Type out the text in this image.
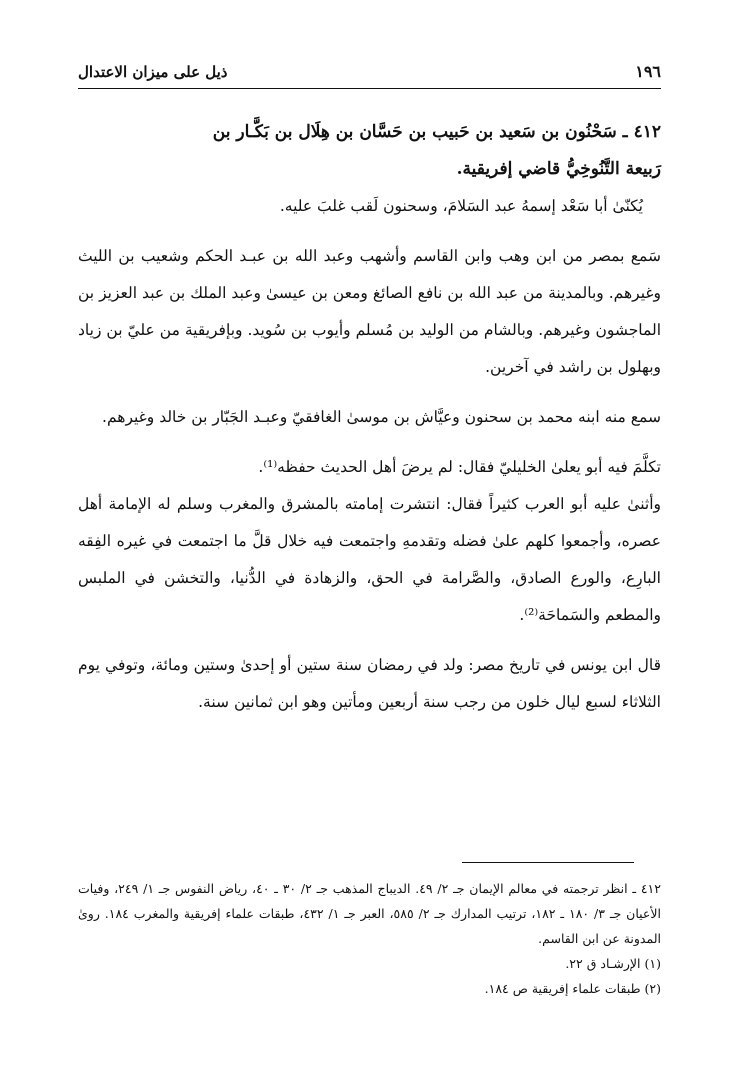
١٩٦
ذيل على ميزان الاعتدال

٤١٢ ـ سَحْنُون بن سَعيد بن حَبيب بن حَسَّان بن هِلَال بن بَكَّـار بن

رَبيعة التَّنُوخِيُّ قاضي إفريقية.

يُكنّىٰ أبا سَعْد إسمهُ عبد السَلامَ، وسحنون لَقب غلبَ عليه.

سَمع بمصر من ابن وهب وابن القاسم وأشهب وعبد الله بن عبـد الحكم وشعيب بن الليث وغيرهم. وبالمدينة من عبد الله بن نافع الصائغ ومعن بن عيسىٰ وعبد الملك بن عبد العزيز بن الماجشون وغيرهم. وبالشام من الوليد بن مُسلم وأيوب بن سُويد. وبإفريقية من عليّ بن زياد وبهلول بن راشد في آخرين.

سمع منه ابنه محمد بن سحنون وعيَّاش بن موسىٰ الغافقيّ وعبـد الجَبّار بن خالد وغيرهم.

تكلَّمَ فيه أبو يعلىٰ الخليليّ فقال: لم يرضَ أهل الحديث حفظه⁽¹⁾.

وأثنىٰ عليه أبو العرب كثيراً فقال: انتشرت إمامته بالمشرق والمغرب وسلم له الإمامة أهل عصره، وأجمعوا كلهم علىٰ فضله وتقدمهِ واجتمعت فيه خلال قلَّ ما اجتمعت في غيره الفِقه البارِع، والورع الصادق، والصَّرامة في الحق، والزهادة في الدُّنيا، والتخشن في الملبس والمطعم والسَماحَة⁽²⁾.

قال ابن يونس في تاريخ مصر: ولد في رمضان سنة ستين أو إحدىٰ وستين ومائة، وتوفي يوم الثلاثاء لسبع ليال خلون من رجب سنة أربعين ومأتين وهو ابن ثمانين سنة.

٤١٢ ـ انظر ترجمته في معالم الإيمان جـ ٢/ ٤٩. الديباج المذهب جـ ٢/ ٣٠ ـ ٤٠، رياض النفوس جـ ١/ ٢٤٩، وفيات الأعيان جـ ٣/ ١٨٠ ـ ١٨٢، ترتيب المدارك جـ ٢/ ٥٨٥، العبر جـ ١/ ٤٣٢، طبقات علماء إفريقية والمغرب ١٨٤. روىٰ المدونة عن ابن القاسم.

(١) الإرشـاد ق ٢٢.

(٢) طبقات علماء إفريقية ص ١٨٤.
